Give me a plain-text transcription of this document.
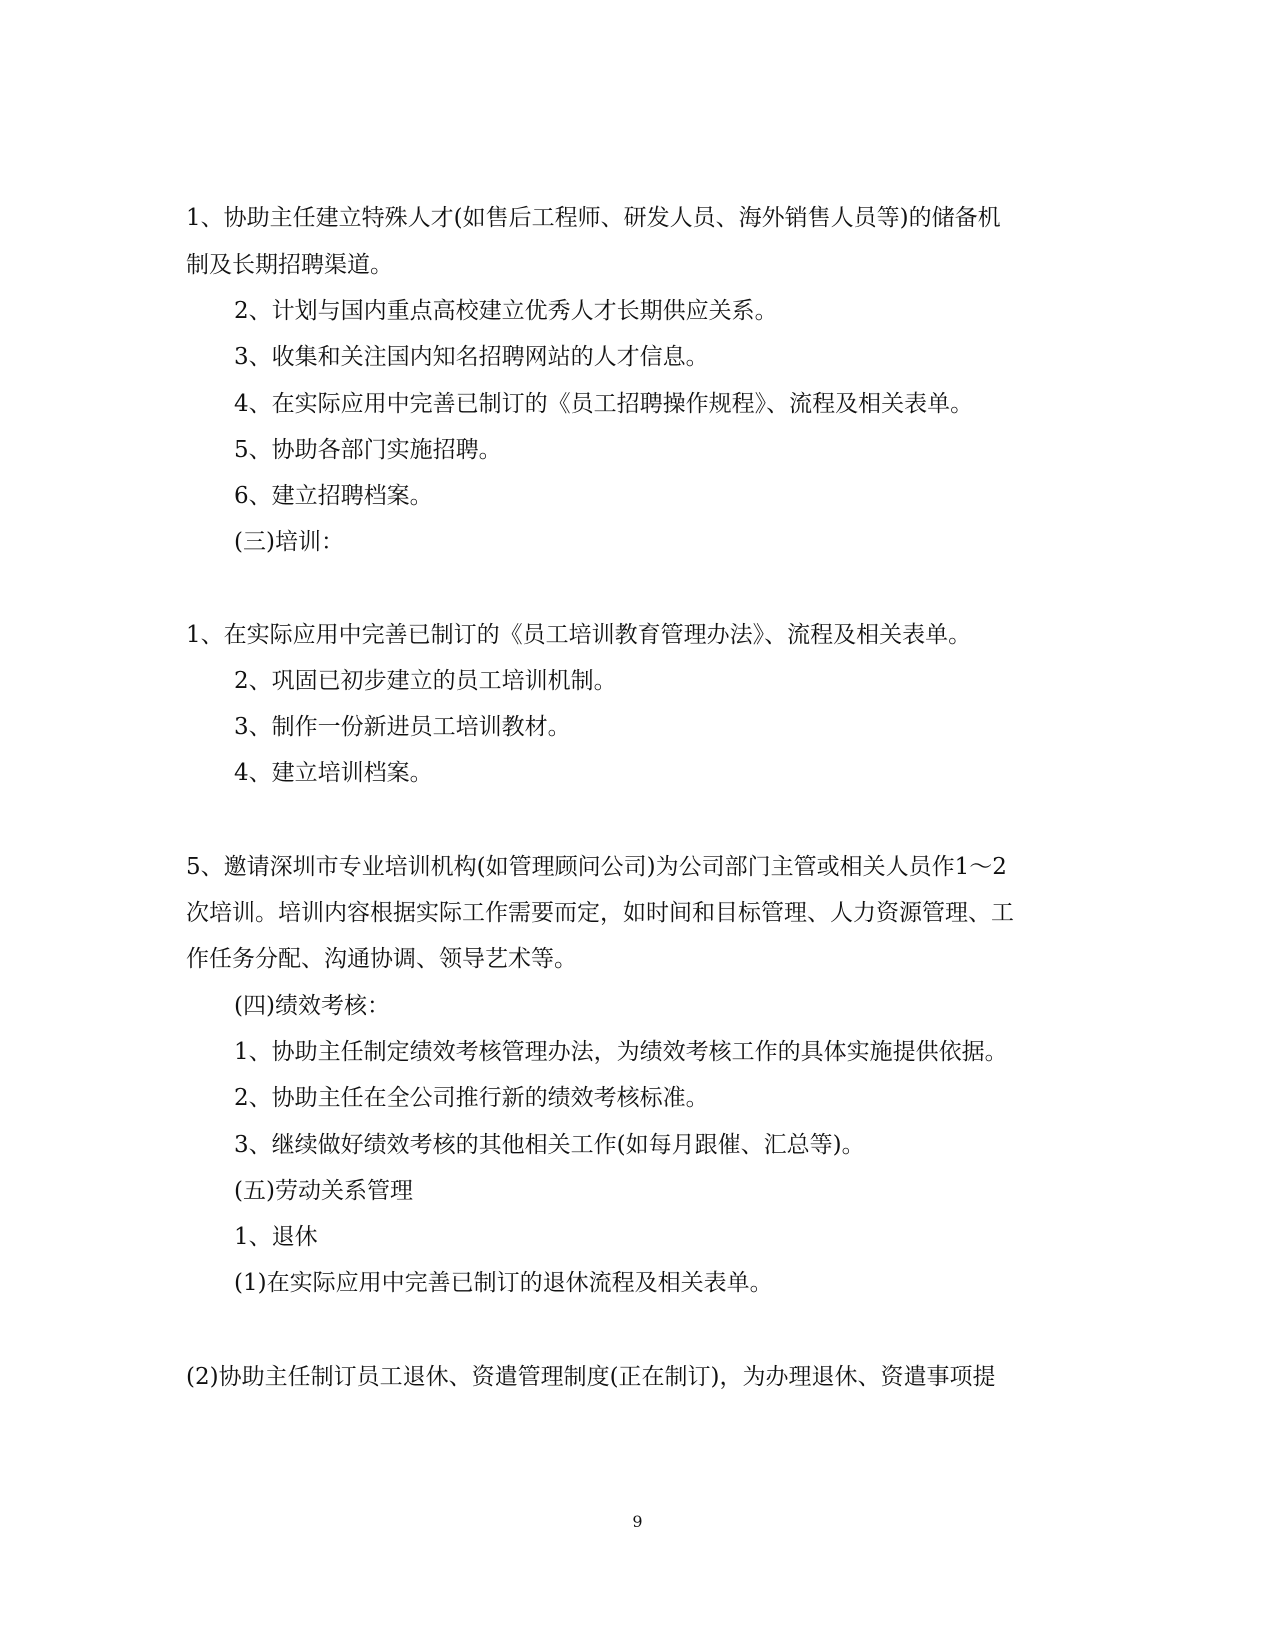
1、协助主任建立特殊人才(如售后工程师、研发人员、海外销售人员等)的储备机
制及长期招聘渠道。
2、计划与国内重点高校建立优秀人才长期供应关系。
3、收集和关注国内知名招聘网站的人才信息。
4、在实际应用中完善已制订的《员工招聘操作规程》、流程及相关表单。
5、协助各部门实施招聘。
6、建立招聘档案。
(三)培训：
1、在实际应用中完善已制订的《员工培训教育管理办法》、流程及相关表单。
2、巩固已初步建立的员工培训机制。
3、制作一份新进员工培训教材。
4、建立培训档案。
5、邀请深圳市专业培训机构(如管理顾问公司)为公司部门主管或相关人员作1～2
次培训。培训内容根据实际工作需要而定，如时间和目标管理、人力资源管理、工
作任务分配、沟通协调、领导艺术等。
(四)绩效考核：
1、协助主任制定绩效考核管理办法，为绩效考核工作的具体实施提供依据。
2、协助主任在全公司推行新的绩效考核标准。
3、继续做好绩效考核的其他相关工作(如每月跟催、汇总等)。
(五)劳动关系管理
1、退休
(1)在实际应用中完善已制订的退休流程及相关表单。
(2)协助主任制订员工退休、资遣管理制度(正在制订)，为办理退休、资遣事项提
9
